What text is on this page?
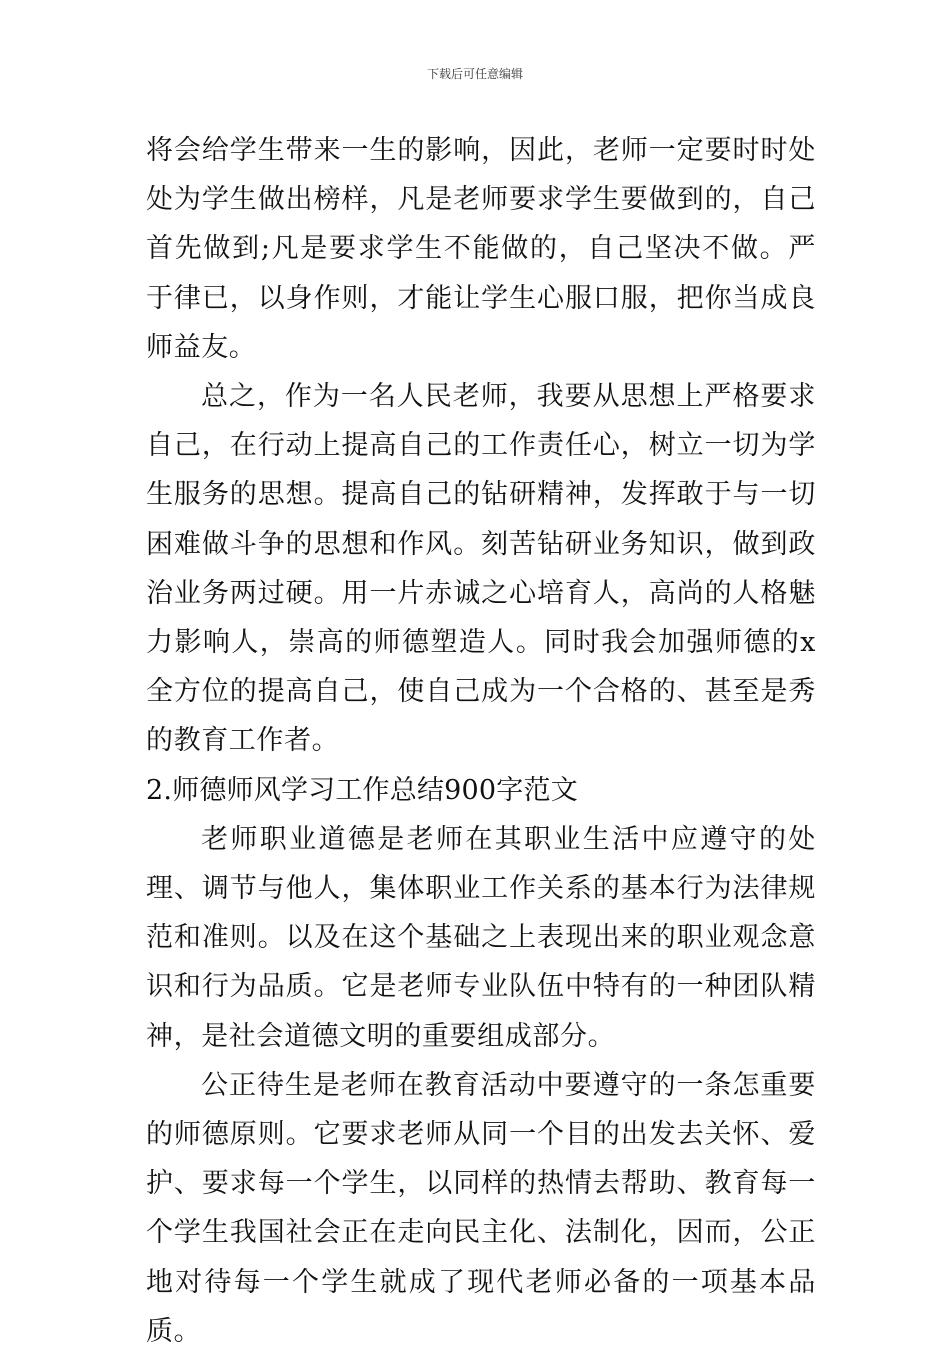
下载后可任意编辑

将会给学生带来一生的影响，因此，老师一定要时时处处为学生做出榜样，凡是老师要求学生要做到的，自己首先做到;凡是要求学生不能做的，自己坚决不做。严于律已，以身作则，才能让学生心服口服，把你当成良师益友。

总之，作为一名人民老师，我要从思想上严格要求自己，在行动上提高自己的工作责任心，树立一切为学生服务的思想。提高自己的钻研精神，发挥敢于与一切困难做斗争的思想和作风。刻苦钻研业务知识，做到政治业务两过硬。用一片赤诚之心培育人，高尚的人格魅力影响人，崇高的师德塑造人。同时我会加强师德的x全方位的提高自己，使自己成为一个合格的、甚至是秀的教育工作者。

2.师德师风学习工作总结900字范文

老师职业道德是老师在其职业生活中应遵守的处理、调节与他人，集体职业工作关系的基本行为法律规范和准则。以及在这个基础之上表现出来的职业观念意识和行为品质。它是老师专业队伍中特有的一种团队精神，是社会道德文明的重要组成部分。

公正待生是老师在教育活动中要遵守的一条怎重要的师德原则。它要求老师从同一个目的出发去关怀、爱护、要求每一个学生，以同样的热情去帮助、教育每一个学生我国社会正在走向民主化、法制化，因而，公正地对待每一个学生就成了现代老师必备的一项基本品质。
